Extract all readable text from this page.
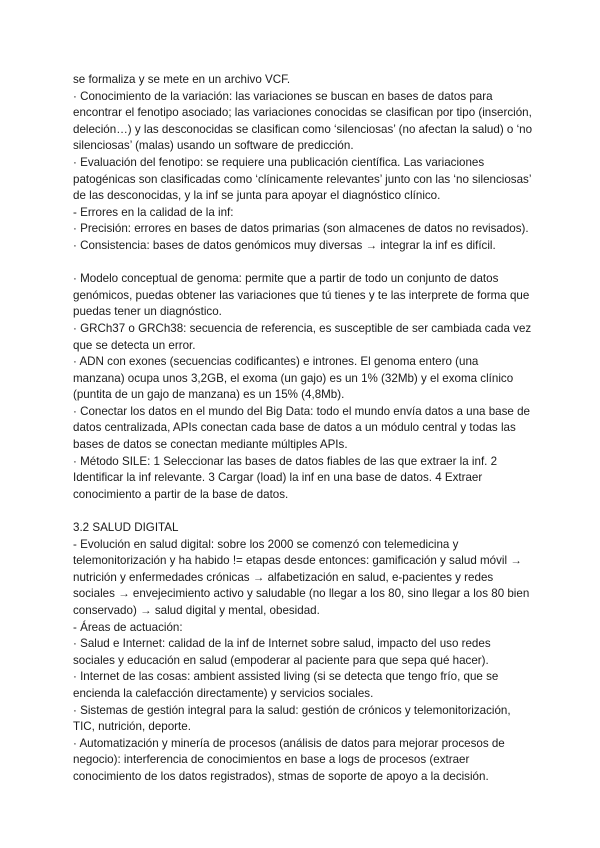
se formaliza y se mete en un archivo VCF.

· Conocimiento de la variación: las variaciones se buscan en bases de datos para encontrar el fenotipo asociado; las variaciones conocidas se clasifican por tipo (inserción, deleción…) y las desconocidas se clasifican como ‘silenciosas’ (no afectan la salud) o ‘no silenciosas’ (malas) usando un software de predicción.

· Evaluación del fenotipo: se requiere una publicación científica. Las variaciones patogénicas son clasificadas como ‘clínicamente relevantes’ junto con las ‘no silenciosas’ de las desconocidas, y la inf se junta para apoyar el diagnóstico clínico.

- Errores en la calidad de la inf:

· Precisión: errores en bases de datos primarias (son almacenes de datos no revisados).

· Consistencia: bases de datos genómicos muy diversas → integrar la inf es difícil.

· Modelo conceptual de genoma: permite que a partir de todo un conjunto de datos genómicos, puedas obtener las variaciones que tú tienes y te las interprete de forma que puedas tener un diagnóstico.

· GRCh37 o GRCh38: secuencia de referencia, es susceptible de ser cambiada cada vez que se detecta un error.

· ADN con exones (secuencias codificantes) e intrones. El genoma entero (una manzana) ocupa unos 3,2GB, el exoma (un gajo) es un 1% (32Mb) y el exoma clínico (puntita de un gajo de manzana) es un 15% (4,8Mb).

· Conectar los datos en el mundo del Big Data: todo el mundo envía datos a una base de datos centralizada, APIs conectan cada base de datos a un módulo central y todas las bases de datos se conectan mediante múltiples APIs.

· Método SILE: 1 Seleccionar las bases de datos fiables de las que extraer la inf. 2 Identificar la inf relevante. 3 Cargar (load) la inf en una base de datos. 4 Extraer conocimiento a partir de la base de datos.

3.2 SALUD DIGITAL

- Evolución en salud digital: sobre los 2000 se comenzó con telemedicina y telemonitorización y ha habido != etapas desde entonces: gamificación y salud móvil → nutrición y enfermedades crónicas → alfabetización en salud, e-pacientes y redes sociales → envejecimiento activo y saludable (no llegar a los 80, sino llegar a los 80 bien conservado) → salud digital y mental, obesidad.

- Áreas de actuación:

· Salud e Internet: calidad de la inf de Internet sobre salud, impacto del uso redes sociales y educación en salud (empoderar al paciente para que sepa qué hacer).

· Internet de las cosas: ambient assisted living (si se detecta que tengo frío, que se encienda la calefacción directamente) y servicios sociales.

· Sistemas de gestión integral para la salud: gestión de crónicos y telemonitorización, TIC, nutrición, deporte.

· Automatización y minería de procesos (análisis de datos para mejorar procesos de negocio): interferencia de conocimientos en base a logs de procesos (extraer conocimiento de los datos registrados), stmas de soporte de apoyo a la decisión.
